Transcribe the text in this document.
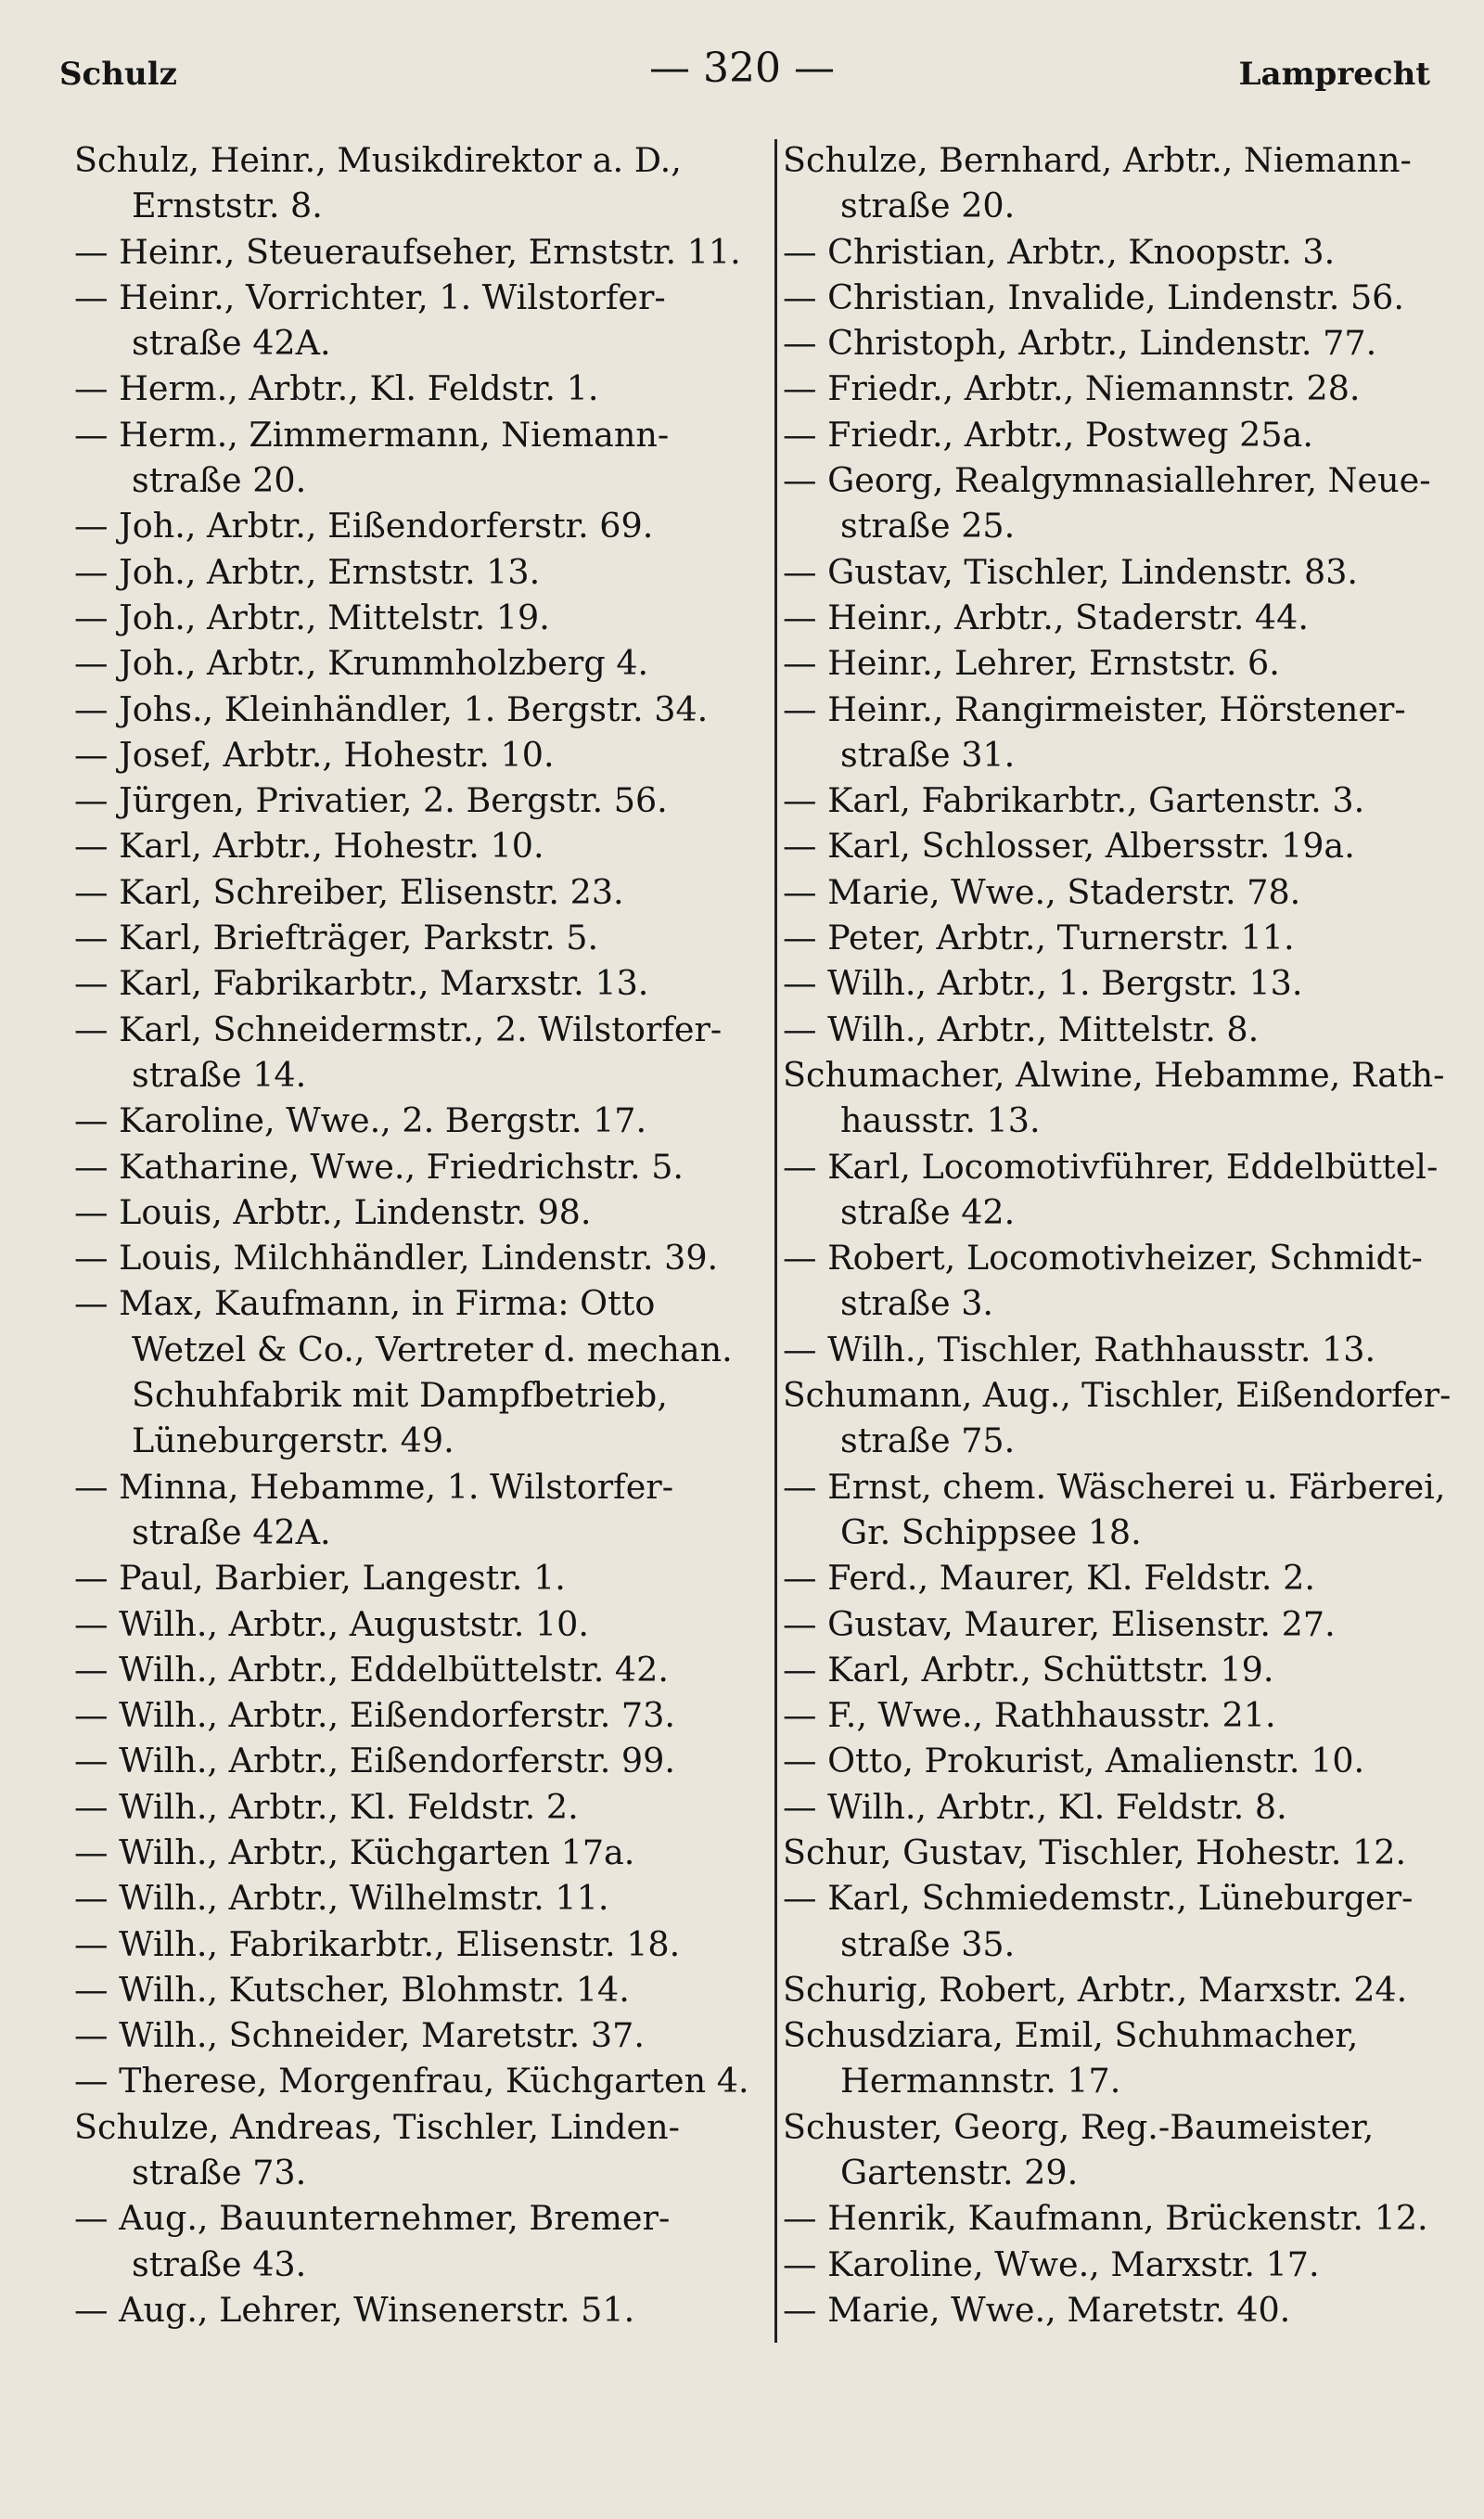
Schulz	— 320 —	Lamprecht
Schulz, Heinr., Musikdirektor a. D.,
Ernststr. 8.
— Heinr., Steueraufseher, Ernststr. 11.
— Heinr., Vorrichter, 1. Wilstorfer-
straße 42A.
— Herm., Arbtr., Kl. Feldstr. 1.
— Herm., Zimmermann, Niemann-
straße 20.
— Joh., Arbtr., Eißendorferstr. 69.
— Joh., Arbtr., Ernststr. 13.
— Joh., Arbtr., Mittelstr. 19.
— Joh., Arbtr., Krummholzberg 4.
— Johs., Kleinhändler, 1. Bergstr. 34.
— Josef, Arbtr., Hohestr. 10.
— Jürgen, Privatier, 2. Bergstr. 56.
— Karl, Arbtr., Hohestr. 10.
— Karl, Schreiber, Elisenstr. 23.
— Karl, Briefträger, Parkstr. 5.
— Karl, Fabrikarbtr., Marxstr. 13.
— Karl, Schneidermstr., 2. Wilstorfer-
straße 14.
— Karoline, Wwe., 2. Bergstr. 17.
— Katharine, Wwe., Friedrichstr. 5.
— Louis, Arbtr., Lindenstr. 98.
— Louis, Milchhändler, Lindenstr. 39.
— Max, Kaufmann, in Firma: Otto
Wetzel & Co., Vertreter d. mechan.
Schuhfabrik mit Dampfbetrieb,
Lüneburgerstr. 49.
— Minna, Hebamme, 1. Wilstorfer-
straße 42A.
— Paul, Barbier, Langestr. 1.
— Wilh., Arbtr., Auguststr. 10.
— Wilh., Arbtr., Eddelbüttelstr. 42.
— Wilh., Arbtr., Eißendorferstr. 73.
— Wilh., Arbtr., Eißendorferstr. 99.
— Wilh., Arbtr., Kl. Feldstr. 2.
— Wilh., Arbtr., Küchgarten 17a.
— Wilh., Arbtr., Wilhelmstr. 11.
— Wilh., Fabrikarbtr., Elisenstr. 18.
— Wilh., Kutscher, Blohmstr. 14.
— Wilh., Schneider, Maretstr. 37.
— Therese, Morgenfrau, Küchgarten 4.
Schulze, Andreas, Tischler, Linden-
straße 73.
— Aug., Bauunternehmer, Bremer-
straße 43.
— Aug., Lehrer, Winsenerstr. 51.
Schulze, Bernhard, Arbtr., Niemann-
straße 20.
— Christian, Arbtr., Knoopstr. 3.
— Christian, Invalide, Lindenstr. 56.
— Christoph, Arbtr., Lindenstr. 77.
— Friedr., Arbtr., Niemannstr. 28.
— Friedr., Arbtr., Postweg 25a.
— Georg, Realgymnasiallehrer, Neue-
straße 25.
— Gustav, Tischler, Lindenstr. 83.
— Heinr., Arbtr., Staderstr. 44.
— Heinr., Lehrer, Ernststr. 6.
— Heinr., Rangirmeister, Hörstener-
straße 31.
— Karl, Fabrikarbtr., Gartenstr. 3.
— Karl, Schlosser, Albersstr. 19a.
— Marie, Wwe., Staderstr. 78.
— Peter, Arbtr., Turnerstr. 11.
— Wilh., Arbtr., 1. Bergstr. 13.
— Wilh., Arbtr., Mittelstr. 8.
Schumacher, Alwine, Hebamme, Rath-
hausstr. 13.
— Karl, Locomotivführer, Eddelbüttel-
straße 42.
— Robert, Locomotivheizer, Schmidt-
straße 3.
— Wilh., Tischler, Rathhausstr. 13.
Schumann, Aug., Tischler, Eißendorfer-
straße 75.
— Ernst, chem. Wäscherei u. Färberei,
Gr. Schippsee 18.
— Ferd., Maurer, Kl. Feldstr. 2.
— Gustav, Maurer, Elisenstr. 27.
— Karl, Arbtr., Schüttstr. 19.
— F., Wwe., Rathhausstr. 21.
— Otto, Prokurist, Amalienstr. 10.
— Wilh., Arbtr., Kl. Feldstr. 8.
Schur, Gustav, Tischler, Hohestr. 12.
— Karl, Schmiedemstr., Lüneburger-
straße 35.
Schurig, Robert, Arbtr., Marxstr. 24.
Schusdziara, Emil, Schuhmacher,
Hermannstr. 17.
Schuster, Georg, Reg.-Baumeister,
Gartenstr. 29.
— Henrik, Kaufmann, Brückenstr. 12.
— Karoline, Wwe., Marxstr. 17.
— Marie, Wwe., Maretstr. 40.
